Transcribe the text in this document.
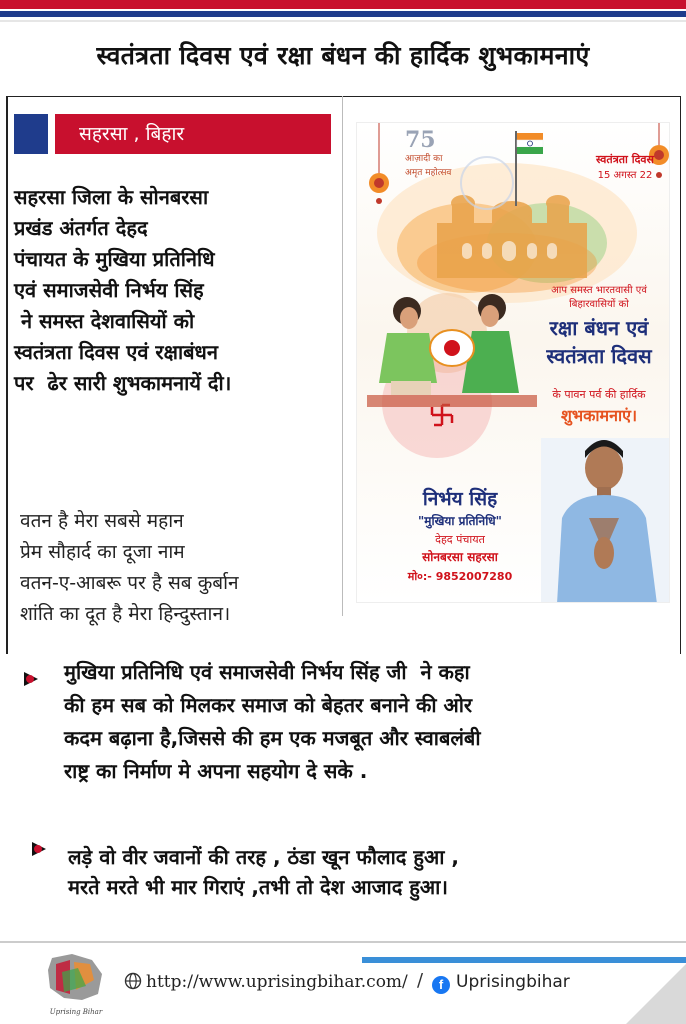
स्वतंत्रता दिवस एवं रक्षा बंधन की हार्दिक शुभकामनाएं
सहरसा , बिहार
सहरसा जिला के सोनबरसा
प्रखंड अंतर्गत देहद
पंचायत के मुखिया प्रतिनिधि
एवं समाजसेवी निर्भय सिंह
ने समस्त देशवासियों को
स्वतंत्रता दिवस एवं रक्षाबंधन
पर  ढेर सारी शुभकामनायें दी।
वतन है मेरा सबसे महान
प्रेम सौहार्द का दूजा नाम
वतन-ए-आबरू पर है सब कुर्बान
शांति का दूत है मेरा हिन्दुस्तान।
75
आज़ादी का
अमृत महोत्सव
स्वतंत्रता दिवस
15 अगस्त 22
आप समस्त भारतवासी एवं
बिहारवासियों को
रक्षा बंधन एवं
स्वतंत्रता दिवस
के पावन पर्व की हार्दिक
शुभकामनाएं।
निर्भय सिंह
"मुखिया प्रतिनिधि"
देहद पंचायत
सोनबरसा सहरसा
मो०:- 9852007280
मुखिया प्रतिनिधि एवं समाजसेवी निर्भय सिंह जी  ने कहा
की हम सब को मिलकर समाज को बेहतर बनाने की ओर
कदम बढ़ाना है,जिससे की हम एक मजबूत और स्वाबलंबी
राष्ट्र का निर्माण मे अपना सहयोग दे सके .
लड़े वो वीर जवानों की तरह , ठंडा खून फौलाद हुआ ,
मरते मरते भी मार गिराएं ,तभी तो देश आजाद हुआ।
Uprising Bihar
http://www.uprisingbihar.com/ /	f Uprisingbihar
